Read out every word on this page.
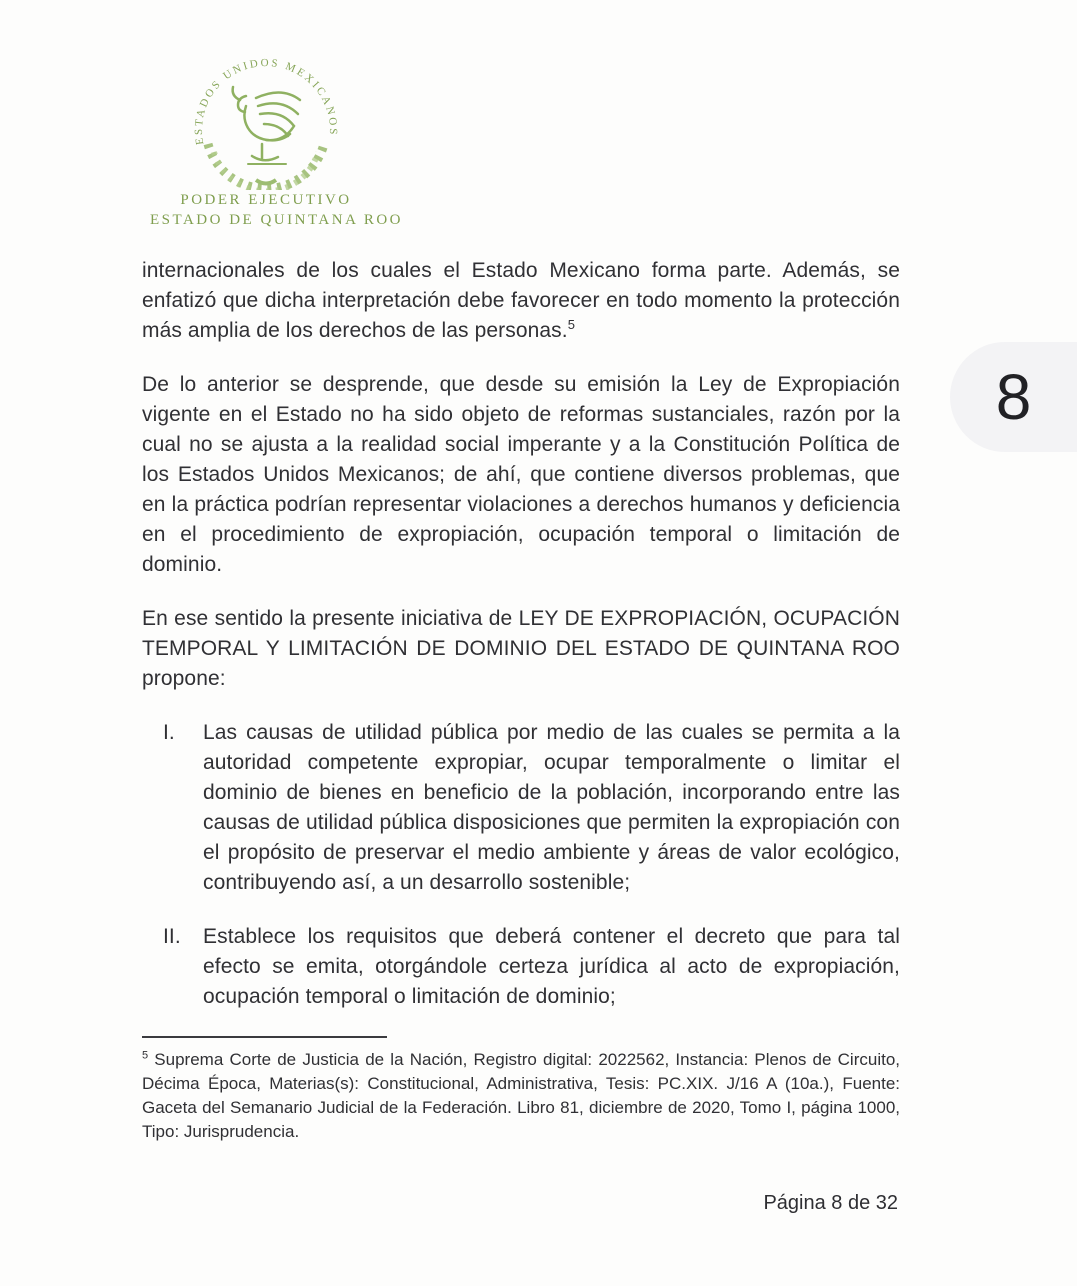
ESTADOS UNIDOS MEXICANOS
PODER EJECUTIVO
ESTADO DE QUINTANA ROO
8

internacionales de los cuales el Estado Mexicano forma parte. Además, se enfatizó que dicha interpretación debe favorecer en todo momento la protección más amplia de los derechos de las personas.$^5$

De lo anterior se desprende, que desde su emisión la Ley de Expropiación vigente en el Estado no ha sido objeto de reformas sustanciales, razón por la cual no se ajusta a la realidad social imperante y a la Constitución Política de los Estados Unidos Mexicanos; de ahí, que contiene diversos problemas, que en la práctica podrían representar violaciones a derechos humanos y deficiencia en el procedimiento de expropiación, ocupación temporal o limitación de dominio.

En ese sentido la presente iniciativa de LEY DE EXPROPIACIÓN, OCUPACIÓN TEMPORAL Y LIMITACIÓN DE DOMINIO DEL ESTADO DE QUINTANA ROO propone:

I.	Las causas de utilidad pública por medio de las cuales se permita a la autoridad competente expropiar, ocupar temporalmente o limitar el dominio de bienes en beneficio de la población, incorporando entre las causas de utilidad pública disposiciones que permiten la expropiación con el propósito de preservar el medio ambiente y áreas de valor ecológico, contribuyendo así, a un desarrollo sostenible;
II.	Establece los requisitos que deberá contener el decreto que para tal efecto se emita, otorgándole certeza jurídica al acto de expropiación, ocupación temporal o limitación de dominio;
$^5$ Suprema Corte de Justicia de la Nación, Registro digital: 2022562, Instancia: Plenos de Circuito, Décima Época, Materias(s): Constitucional, Administrativa, Tesis: PC.XIX. J/16 A (10a.), Fuente: Gaceta del Semanario Judicial de la Federación. Libro 81, diciembre de 2020, Tomo I, página 1000, Tipo: Jurisprudencia.
Página 8 de 32
